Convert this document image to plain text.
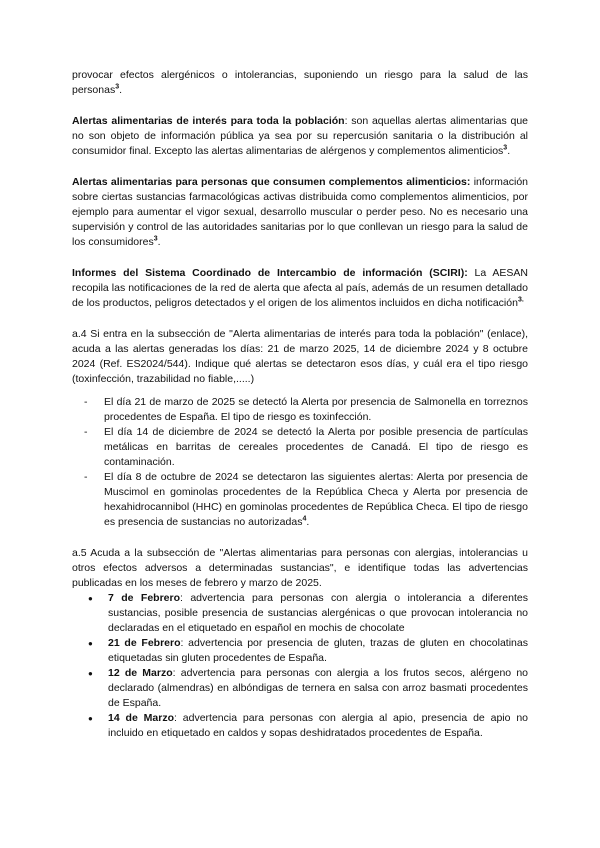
provocar efectos alergénicos o intolerancias, suponiendo un riesgo para la salud de las personas$^3$.

Alertas alimentarias de interés para toda la población: son aquellas alertas alimentarias que no son objeto de información pública ya sea por su repercusión sanitaria o la distribución al consumidor final. Excepto las alertas alimentarias de alérgenos y complementos alimenticios$^3$.

Alertas alimentarias para personas que consumen complementos alimenticios: información sobre ciertas sustancias farmacológicas activas distribuida como complementos alimenticios, por ejemplo para aumentar el vigor sexual, desarrollo muscular o perder peso. No es necesario una supervisión y control de las autoridades sanitarias por lo que conllevan un riesgo para la salud de los consumidores$^3$.

Informes del Sistema Coordinado de Intercambio de información (SCIRI): La AESAN recopila las notificaciones de la red de alerta que afecta al país, además de un resumen detallado de los productos, peligros detectados y el origen de los alimentos incluidos en dicha notificación$^{3.}$

a.4 Si entra en la subsección de "Alerta alimentarias de interés para toda la población" (enlace), acuda a las alertas generadas los días: 21 de marzo 2025, 14 de diciembre 2024 y 8 octubre 2024 (Ref. ES2024/544). Indique qué alertas se detectaron esos días, y cuál era el tipo riesgo (toxinfección, trazabilidad no fiable,.....)

- El día 21 de marzo de 2025 se detectó la Alerta por presencia de Salmonella en torreznos procedentes de España. El tipo de riesgo es toxinfección.
- El día 14 de diciembre de 2024 se detectó la Alerta por posible presencia de partículas metálicas en barritas de cereales procedentes de Canadá. El tipo de riesgo es contaminación.
- El día 8 de octubre de 2024 se detectaron las siguientes alertas: Alerta por presencia de Muscimol en gominolas procedentes de la República Checa y Alerta por presencia de hexahidrocannibol (HHC) en gominolas procedentes de República Checa. El tipo de riesgo es presencia de sustancias no autorizadas$^4$.

a.5 Acuda a la subsección de "Alertas alimentarias para personas con alergias, intolerancias u otros efectos adversos a determinadas sustancias", e identifique todas las advertencias publicadas en los meses de febrero y marzo de 2025.

● 7 de Febrero: advertencia para personas con alergia o intolerancia a diferentes sustancias, posible presencia de sustancias alergénicas o que provocan intolerancia no declaradas en el etiquetado en español en mochis de chocolate
● 21 de Febrero: advertencia por presencia de gluten, trazas de gluten en chocolatinas etiquetadas sin gluten procedentes de España.
● 12 de Marzo: advertencia para personas con alergia a los frutos secos, alérgeno no declarado (almendras) en albóndigas de ternera en salsa con arroz basmati procedentes de España.
● 14 de Marzo: advertencia para personas con alergia al apio, presencia de apio no incluido en etiquetado en caldos y sopas deshidratados procedentes de España.
